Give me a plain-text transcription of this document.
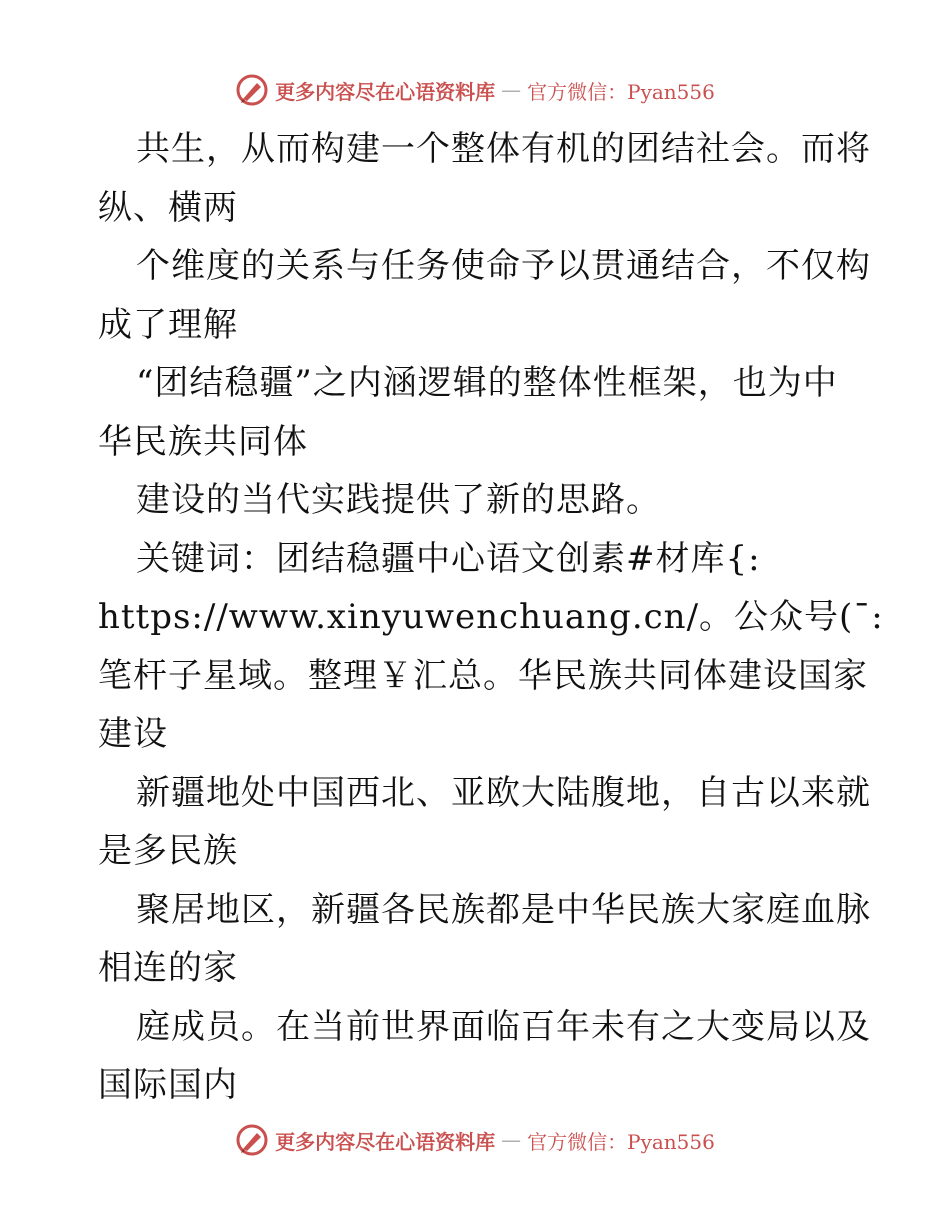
更多内容尽在心语资料库 — 官方微信：Pyan556
共生，从而构建一个整体有机的团结社会。而将
纵、横两
个维度的关系与任务使命予以贯通结合，不仅构
成了理解
“团结稳疆”之内涵逻辑的整体性框架，也为中
华民族共同体
建设的当代实践提供了新的思路。
关键词：团结稳疆中心语文创素#材库{:
https://www.xinyuwenchuang.cn/。公众号(¯:
笔杆子星域。整理￥汇总。华民族共同体建设国家
建设
新疆地处中国西北、亚欧大陆腹地，自古以来就
是多民族
聚居地区，新疆各民族都是中华民族大家庭血脉
相连的家
庭成员。在当前世界面临百年未有之大变局以及
国际国内
更多内容尽在心语资料库 — 官方微信：Pyan556
